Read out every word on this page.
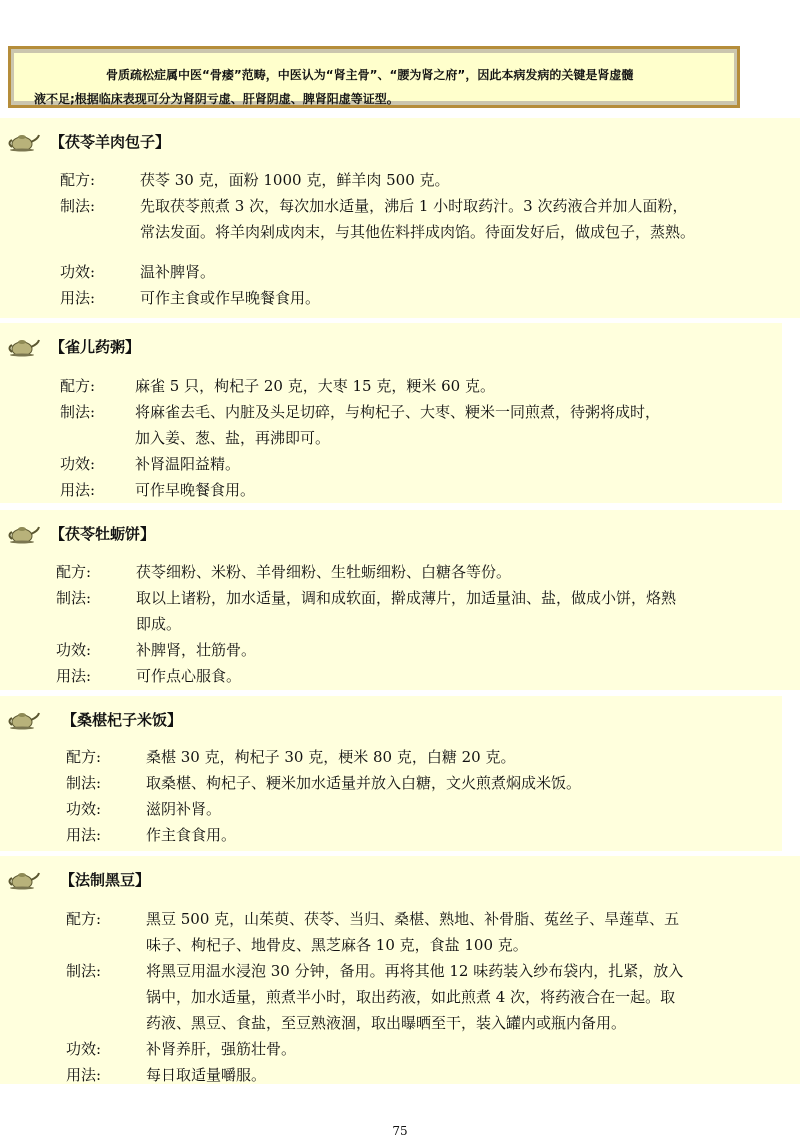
骨质疏松症属中医“骨痿”范畴，中医认为“肾主骨”、“腰为肾之府”，因此本病发病的关键是肾虚髓

液不足;根据临床表现可分为肾阴亏虚、肝肾阴虚、脾肾阳虚等证型。

【茯苓羊肉包子】
配方:	茯苓 30 克，面粉 1000 克，鲜羊肉 500 克。
制法:	先取茯苓煎煮 3 次，每次加水适量，沸后 1 小时取药汁。3 次药液合并加人面粉，
常法发面。将羊肉剁成肉末，与其他佐料拌成肉馅。待面发好后，做成包子，蒸熟。
功效:	温补脾肾。
用法:	可作主食或作早晚餐食用。
【雀儿药粥】
配方:	麻雀 5 只，枸杞子 20 克，大枣 15 克，粳米 60 克。
制法:	将麻雀去毛、内脏及头足切碎，与枸杞子、大枣、粳米一同煎煮，待粥将成时，
加入姜、葱、盐，再沸即可。
功效:	补肾温阳益精。
用法:	可作早晚餐食用。
【茯苓牡蛎饼】
配方:	茯苓细粉、米粉、羊骨细粉、生牡蛎细粉、白糖各等份。
制法:	取以上诸粉，加水适量，调和成软面，擀成薄片，加适量油、盐，做成小饼，烙熟
即成。
功效:	补脾肾，壮筋骨。
用法:	可作点心服食。
【桑椹杞子米饭】
配方:	桑椹 30 克，枸杞子 30 克，梗米 80 克，白糖 20 克。
制法:	取桑椹、枸杞子、粳米加水适量并放入白糖，文火煎煮焖成米饭。
功效:	滋阴补肾。
用法:	作主食食用。
【法制黑豆】
配方:	黑豆 500 克，山茱萸、茯苓、当归、桑椹、熟地、补骨脂、菟丝子、旱莲草、五
味子、枸杞子、地骨皮、黑芝麻各 10 克，食盐 100 克。
制法:	将黑豆用温水浸泡 30 分钟，备用。再将其他 12 味药装入纱布袋内，扎紧，放入
锅中，加水适量，煎煮半小时，取出药液，如此煎煮 4 次，将药液合在一起。取
药液、黑豆、食盐，至豆熟液涸，取出曝晒至干，装入罐内或瓶内备用。
功效:	补肾养肝，强筋壮骨。
用法:	每日取适量嚼服。
75
